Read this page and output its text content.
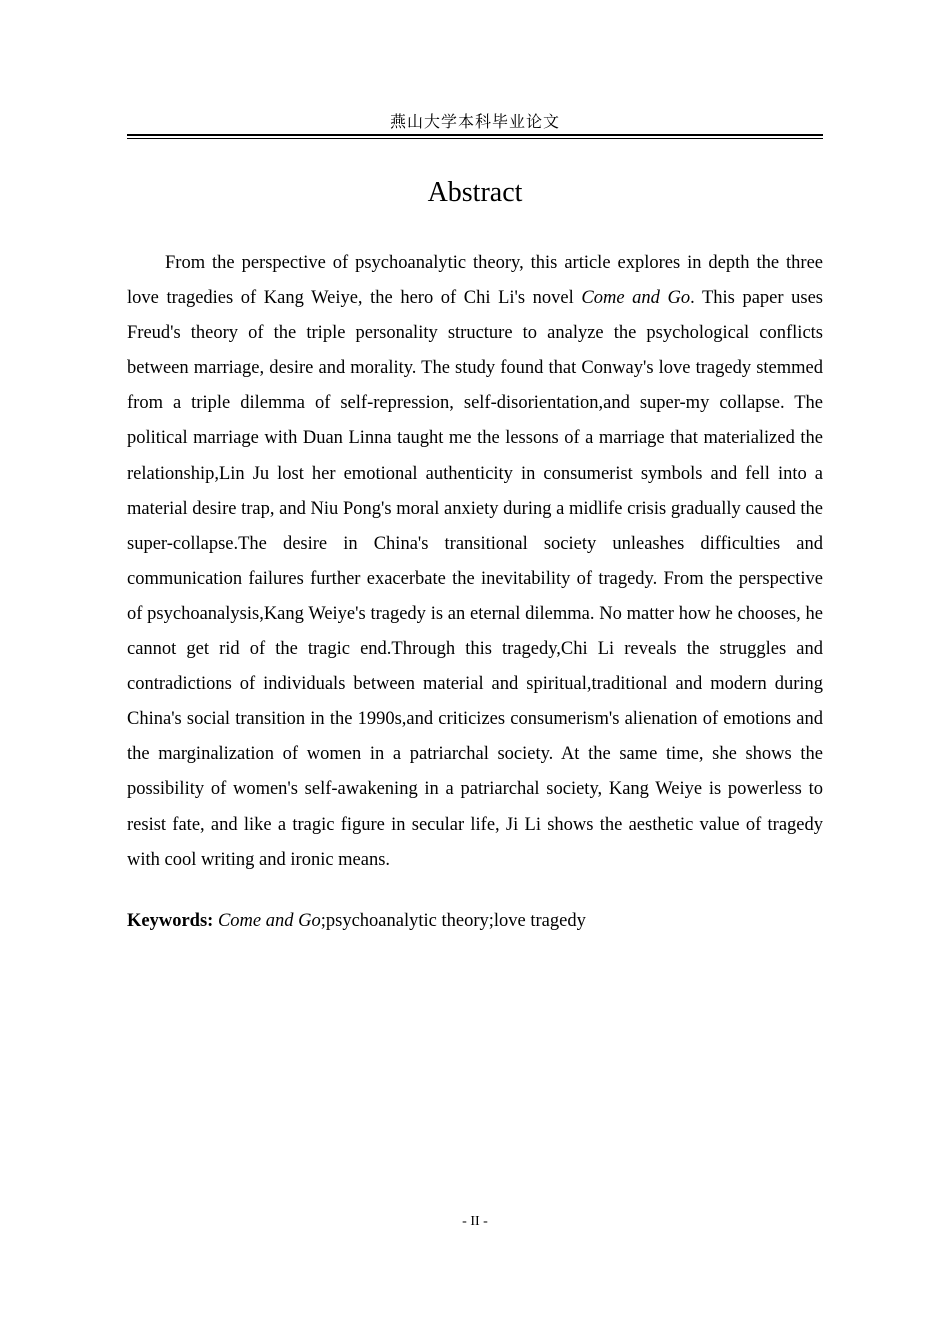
燕山大学本科毕业论文
Abstract

From the perspective of psychoanalytic theory, this article explores in depth the three love tragedies of Kang Weiye, the hero of Chi Li's novel Come and Go. This paper uses Freud's theory of the triple personality structure to analyze the psychological conflicts between marriage, desire and morality. The study found that Conway's love tragedy stemmed from a triple dilemma of self-repression, self-disorientation,and super-my collapse. The political marriage with Duan Linna taught me the lessons of a marriage that materialized the relationship,Lin Ju lost her emotional authenticity in consumerist symbols and fell into a material desire trap, and Niu Pong's moral anxiety during a midlife crisis gradually caused the super-collapse.The desire in China's transitional society unleashes difficulties and communication failures further exacerbate the inevitability of tragedy. From the perspective of psychoanalysis,Kang Weiye's tragedy is an eternal dilemma. No matter how he chooses, he cannot get rid of the tragic end.Through this tragedy,Chi Li reveals the struggles and contradictions of individuals between material and spiritual,traditional and modern during China's social transition in the 1990s,and criticizes consumerism's alienation of emotions and the marginalization of women in a patriarchal society. At the same time, she shows the possibility of women's self-awakening in a patriarchal society, Kang Weiye is powerless to resist fate, and like a tragic figure in secular life, Ji Li shows the aesthetic value of tragedy with cool writing and ironic means.

Keywords: Come and Go;psychoanalytic theory;love tragedy

- II -
